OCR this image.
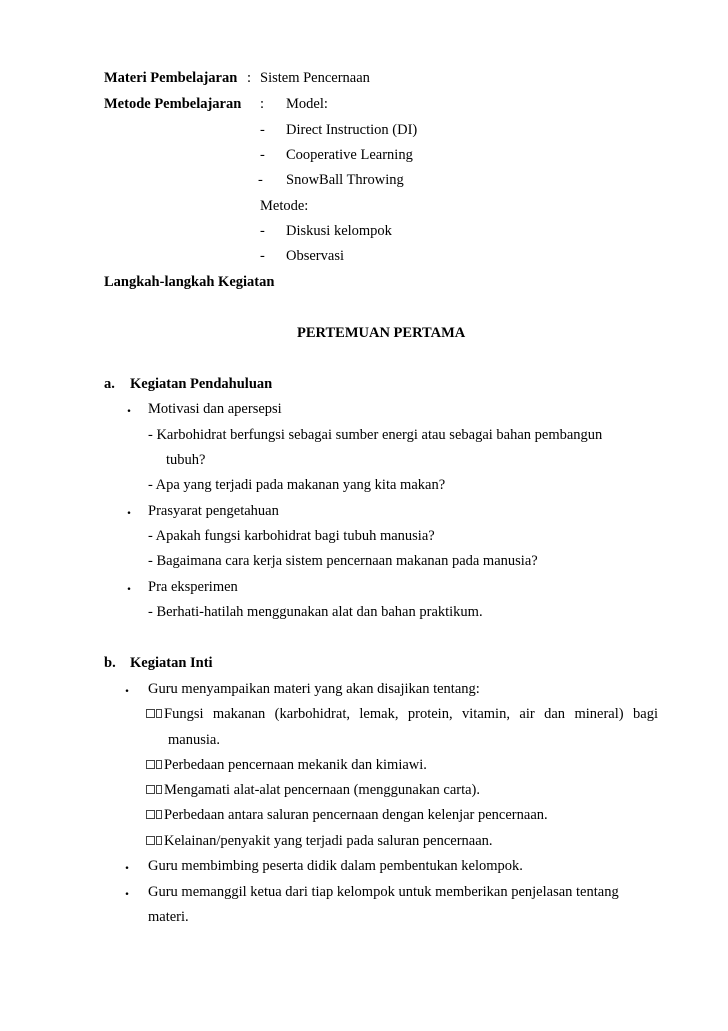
Materi Pembelajaran : Sistem Pencernaan
Metode Pembelajaran : Model:
- Direct Instruction (DI)
- Cooperative Learning
- SnowBall Throwing
Metode:
- Diskusi kelompok
- Observasi
Langkah-langkah Kegiatan
PERTEMUAN PERTAMA
a. Kegiatan Pendahuluan
. Motivasi dan apersepsi
- Karbohidrat berfungsi sebagai sumber energi atau sebagai bahan pembangun
tubuh?
- Apa yang terjadi pada makanan yang kita makan?
. Prasyarat pengetahuan
- Apakah fungsi karbohidrat bagi tubuh manusia?
- Bagaimana cara kerja sistem pencernaan makanan pada manusia?
. Pra eksperimen
- Berhati-hatilah menggunakan alat dan bahan praktikum.
b. Kegiatan Inti
. Guru menyampaikan materi yang akan disajikan tentang:
Fungsi makanan (karbohidrat, lemak, protein, vitamin, air dan mineral) bagi
manusia.
Perbedaan pencernaan mekanik dan kimiawi.
Mengamati alat-alat pencernaan (menggunakan carta).
Perbedaan antara saluran pencernaan dengan kelenjar pencernaan.
Kelainan/penyakit yang terjadi pada saluran pencernaan.
. Guru membimbing peserta didik dalam pembentukan kelompok.
. Guru memanggil ketua dari tiap kelompok untuk memberikan penjelasan tentang
materi.
